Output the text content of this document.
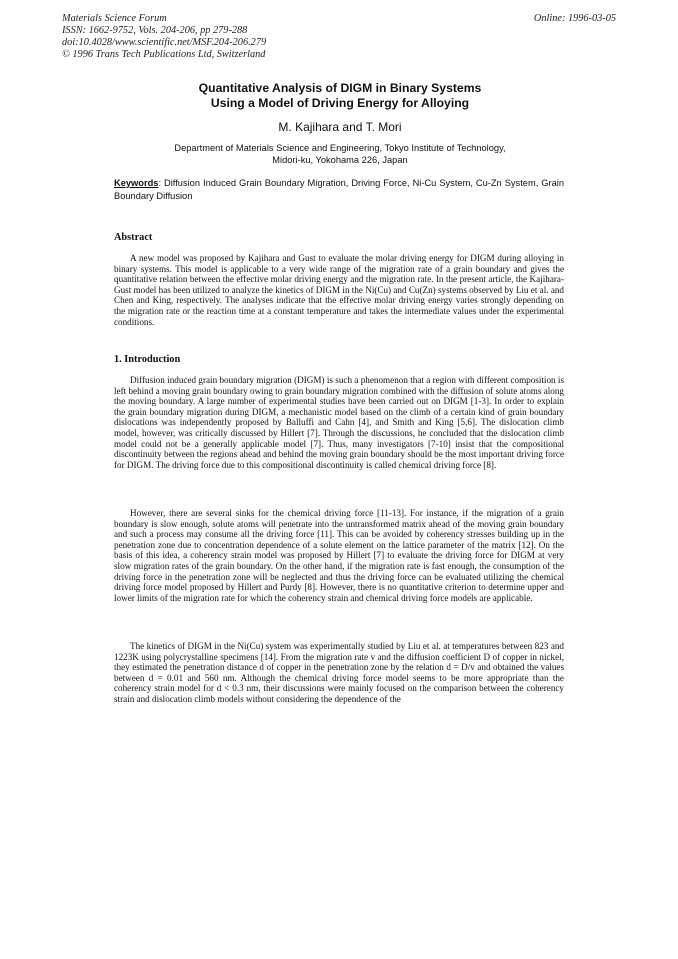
Materials Science Forum
ISSN: 1662-9752, Vols. 204-206, pp 279-288
doi:10.4028/www.scientific.net/MSF.204-206.279
© 1996 Trans Tech Publications Ltd, Switzerland
Online: 1996-03-05
Quantitative Analysis of DIGM in Binary Systems
Using a Model of Driving Energy for Alloying
M. Kajihara and T. Mori
Department of Materials Science and Engineering, Tokyo Institute of Technology,
Midori-ku, Yokohama 226, Japan
Keywords: Diffusion Induced Grain Boundary Migration, Driving Force, Ni-Cu System, Cu-Zn System, Grain Boundary Diffusion
Abstract
A new model was proposed by Kajihara and Gust to evaluate the molar driving energy for DIGM during alloying in binary systems. This model is applicable to a very wide range of the migration rate of a grain boundary and gives the quantitative relation between the effective molar driving energy and the migration rate. In the present article, the Kajihara-Gust model has been utilized to analyze the kinetics of DIGM in the Ni(Cu) and Cu(Zn) systems observed by Liu et al. and Chen and King, respectively. The analyses indicate that the effective molar driving energy varies strongly depending on the migration rate or the reaction time at a constant temperature and takes the intermediate values under the experimental conditions.
1. Introduction
Diffusion induced grain boundary migration (DIGM) is such a phenomenon that a region with different composition is left behind a moving grain boundary owing to grain boundary migration combined with the diffusion of solute atoms along the moving boundary. A large number of experimental studies have been carried out on DIGM [1-3]. In order to explain the grain boundary migration during DIGM, a mechanistic model based on the climb of a certain kind of grain boundary dislocations was independently proposed by Balluffi and Cahn [4], and Smith and King [5,6]. The dislocation climb model, however, was critically discussed by Hillert [7]. Through the discussions, he concluded that the dislocation climb model could not be a generally applicable model [7]. Thus, many investigators [7-10] insist that the compositional discontinuity between the regions ahead and behind the moving grain boundary should be the most important driving force for DIGM. The driving force due to this compositional discontinuity is called chemical driving force [8].
However, there are several sinks for the chemical driving force [11-13]. For instance, if the migration of a grain boundary is slow enough, solute atoms will penetrate into the untransformed matrix ahead of the moving grain boundary and such a process may consume all the driving force [11]. This can be avoided by coherency stresses building up in the penetration zone due to concentration dependence of a solute element on the lattice parameter of the matrix [12]. On the basis of this idea, a coherency strain model was proposed by Hillert [7] to evaluate the driving force for DIGM at very slow migration rates of the grain boundary. On the other hand, if the migration rate is fast enough, the consumption of the driving force in the penetration zone will be neglected and thus the driving force can be evaluated utilizing the chemical driving force model proposed by Hillert and Purdy [8]. However, there is no quantitative criterion to determine upper and lower limits of the migration rate for which the coherency strain and chemical driving force models are applicable.
The kinetics of DIGM in the Ni(Cu) system was experimentally studied by Liu et al. at temperatures between 823 and 1223K using polycrystalline specimens [14]. From the migration rate v and the diffusion coefficient D of copper in nickel, they estimated the penetration distance d of copper in the penetration zone by the relation d = D/v and obtained the values between d = 0.01 and 560 nm. Although the chemical driving force model seems to be more appropriate than the coherency strain model for d < 0.3 nm, their discussions were mainly focused on the comparison between the coherency strain and dislocation climb models without considering the dependence of the
